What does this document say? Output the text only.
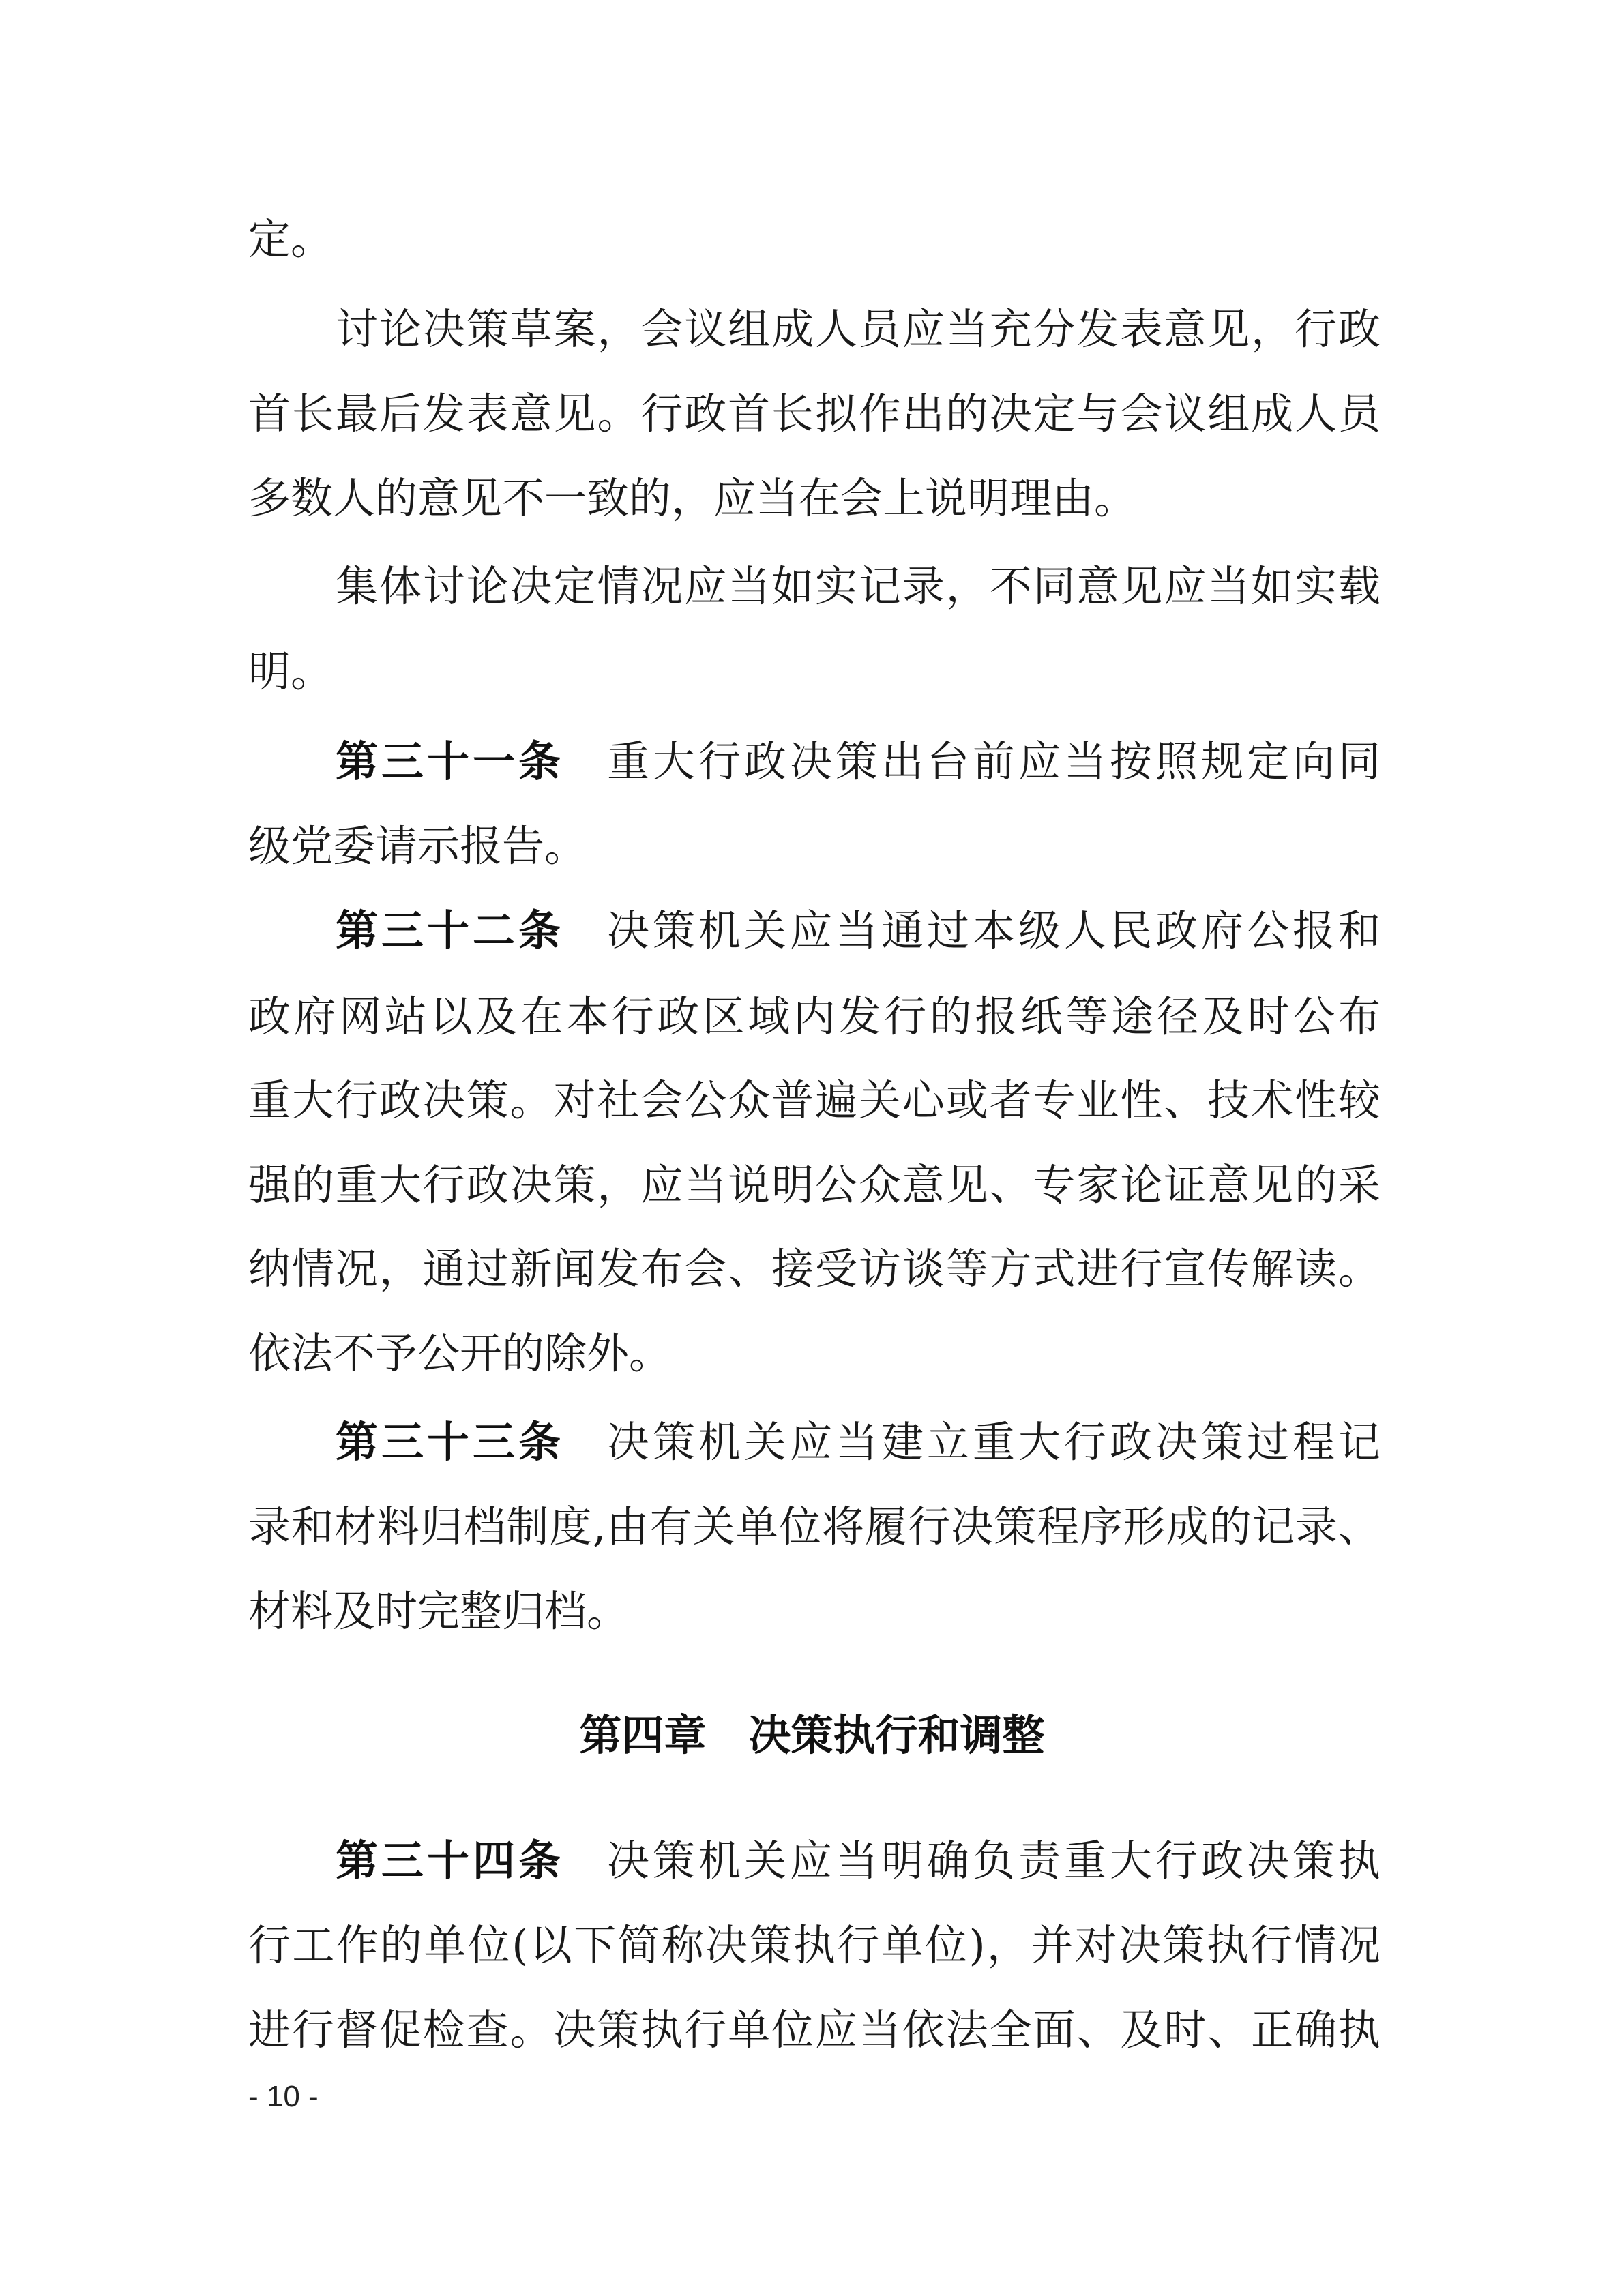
定。
讨论决策草案，会议组成人员应当充分发表意见，行政
首长最后发表意见。行政首长拟作出的决定与会议组成人员
多数人的意见不一致的，应当在会上说明理由。
集体讨论决定情况应当如实记录，不同意见应当如实载
明。
第三十一条 重大行政决策出台前应当按照规定向同
级党委请示报告。
第三十二条 决策机关应当通过本级人民政府公报和
政府网站以及在本行政区域内发行的报纸等途径及时公布
重大行政决策。对社会公众普遍关心或者专业性、技术性较
强的重大行政决策，应当说明公众意见、专家论证意见的采
纳情况，通过新闻发布会、接受访谈等方式进行宣传解读。
依法不予公开的除外。
第三十三条 决策机关应当建立重大行政决策过程记
录和材料归档制度,由有关单位将履行决策程序形成的记录、
材料及时完整归档。
第四章 决策执行和调整
第三十四条 决策机关应当明确负责重大行政决策执
行工作的单位(以下简称决策执行单位)，并对决策执行情况
进行督促检查。决策执行单位应当依法全面、及时、正确执
- 10 -
